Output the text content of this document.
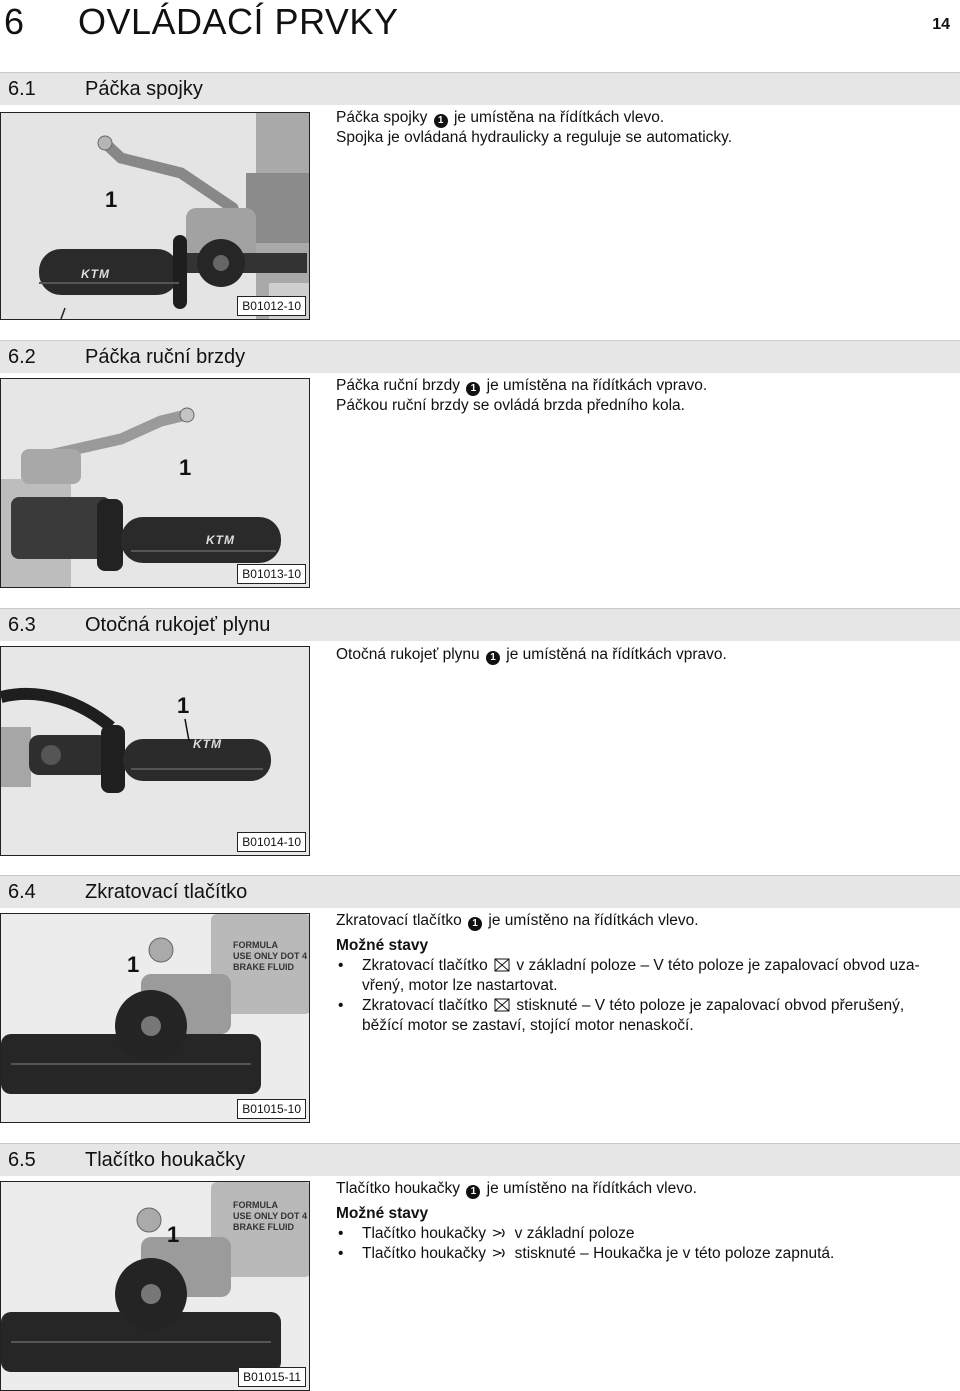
6 OVLÁDACÍ PRVKY	14
6.1 Páčka spojky
KTM
1
B01012-10

Páčka spojky 1 je umístěna na řídítkách vlevo.

Spojka je ovládaná hydraulicky a reguluje se automaticky.

6.2 Páčka ruční brzdy
KTM
1
B01013-10

Páčka ruční brzdy 1 je umístěna na řídítkách vpravo.

Páčkou ruční brzdy se ovládá brzda předního kola.

6.3 Otočná rukojeť plynu
KTM
1
B01014-10

Otočná rukojeť plynu 1 je umístěná na řídítkách vpravo.

6.4 Zkratovací tlačítko
FORMULA
USE ONLY DOT 4
BRAKE FLUID
1
B01015-10

Zkratovací tlačítko 1 je umístěno na řídítkách vlevo.

Možné stavy

• Zkratovací tlačítko  v základní poloze – V této poloze je zapalovací obvod uzavřený, motor lze nastartovat.
• Zkratovací tlačítko  stisknuté – V této poloze je zapalovací obvod přerušený, běžící motor se zastaví, stojící motor nenaskočí.
6.5 Tlačítko houkačky
FORMULA
USE ONLY DOT 4
BRAKE FLUID
1
B01015-11

Tlačítko houkačky 1 je umístěno na řídítkách vlevo.

Možné stavy

• Tlačítko houkačky  v základní poloze
• Tlačítko houkačky  stisknuté – Houkačka je v této poloze zapnutá.
